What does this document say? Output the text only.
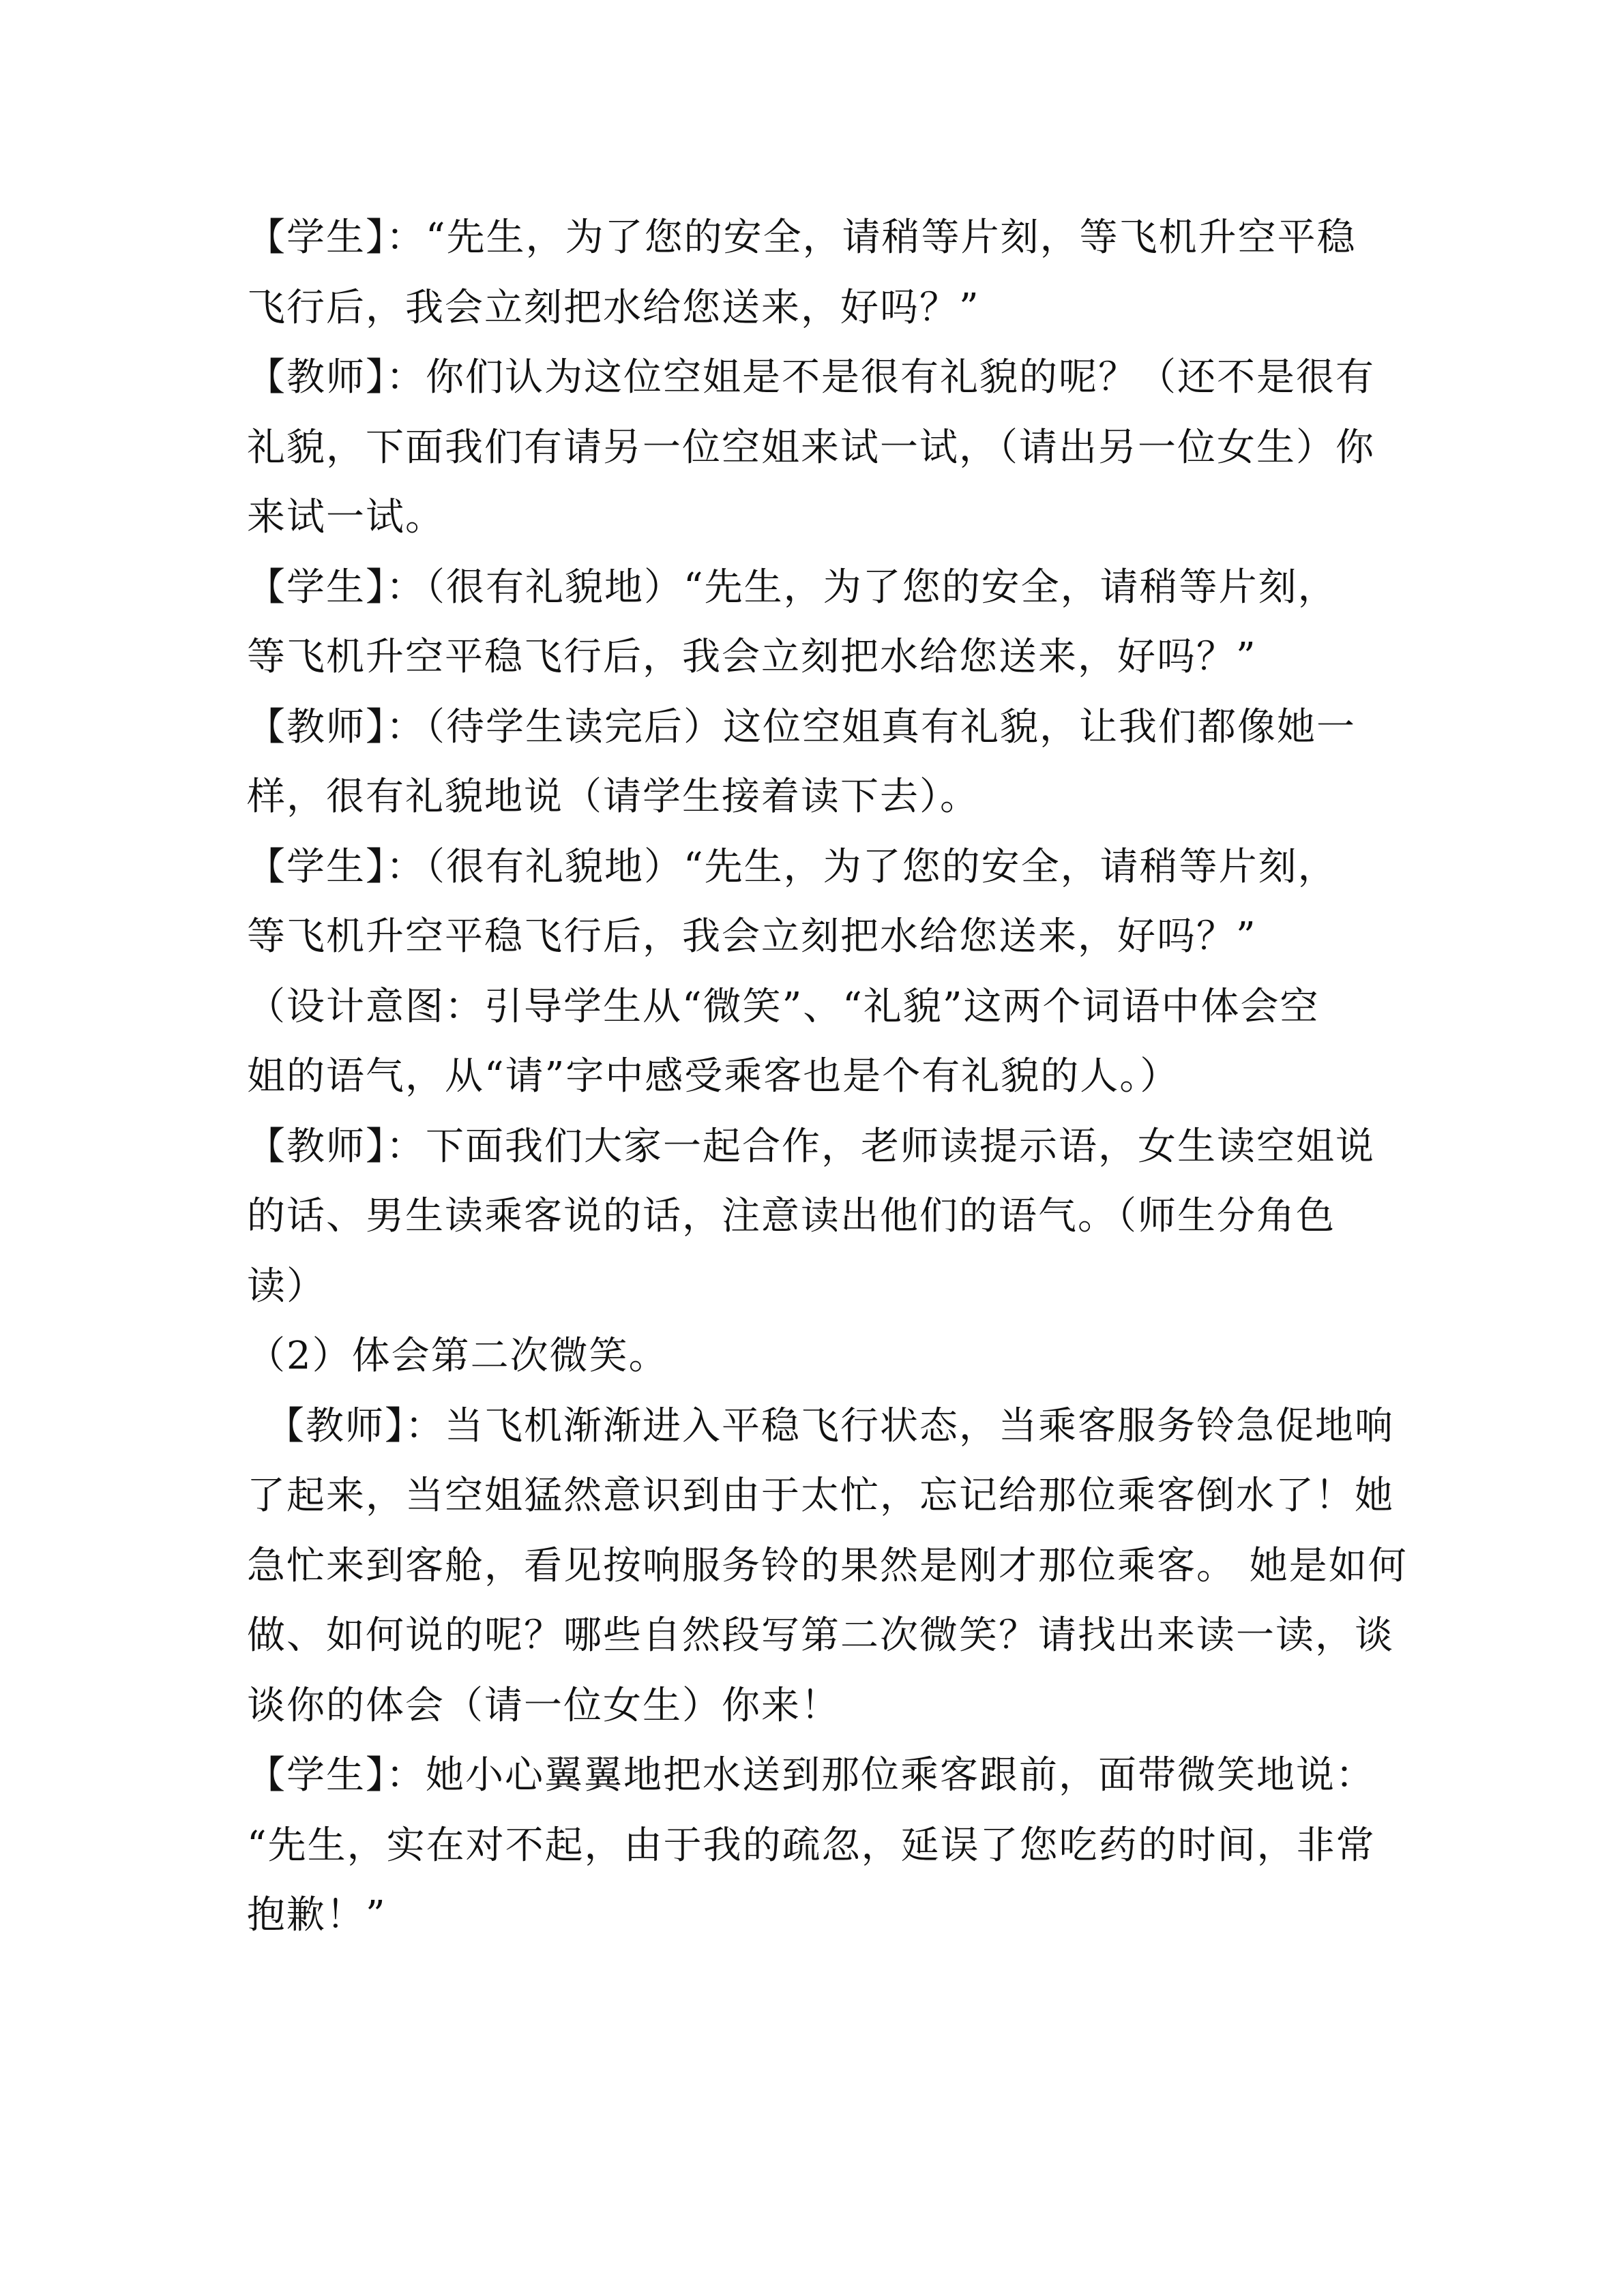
【学生】：“先生，为了您的安全，请稍等片刻，等飞机升空平稳
飞行后，我会立刻把水给您送来，好吗？”
【教师】：你们认为这位空姐是不是很有礼貌的呢？（还不是很有
礼貌，下面我们有请另一位空姐来试一试，（请出另一位女生）你
来试一试。
【学生】：（很有礼貌地）“先生，为了您的安全，请稍等片刻，
等飞机升空平稳飞行后，我会立刻把水给您送来，好吗？”
【教师】：（待学生读完后）这位空姐真有礼貌，让我们都像她一
样，很有礼貌地说（请学生接着读下去）。
【学生】：（很有礼貌地）“先生，为了您的安全，请稍等片刻，
等飞机升空平稳飞行后，我会立刻把水给您送来，好吗？”
（设计意图：引导学生从“微笑”、“礼貌”这两个词语中体会空
姐的语气，从“请”字中感受乘客也是个有礼貌的人。）
【教师】：下面我们大家一起合作，老师读提示语，女生读空姐说
的话、男生读乘客说的话，注意读出他们的语气。（师生分角色
读）
（2）体会第二次微笑。
【教师】：当飞机渐渐进入平稳飞行状态，当乘客服务铃急促地响
了起来，当空姐猛然意识到由于太忙，忘记给那位乘客倒水了！她
急忙来到客舱，看见按响服务铃的果然是刚才那位乘客。 她是如何
做、如何说的呢？哪些自然段写第二次微笑？请找出来读一读，谈
谈你的体会（请一位女生）你来！
【学生】：她小心翼翼地把水送到那位乘客跟前，面带微笑地说：
“先生，实在对不起，由于我的疏忽，延误了您吃药的时间，非常
抱歉！”
